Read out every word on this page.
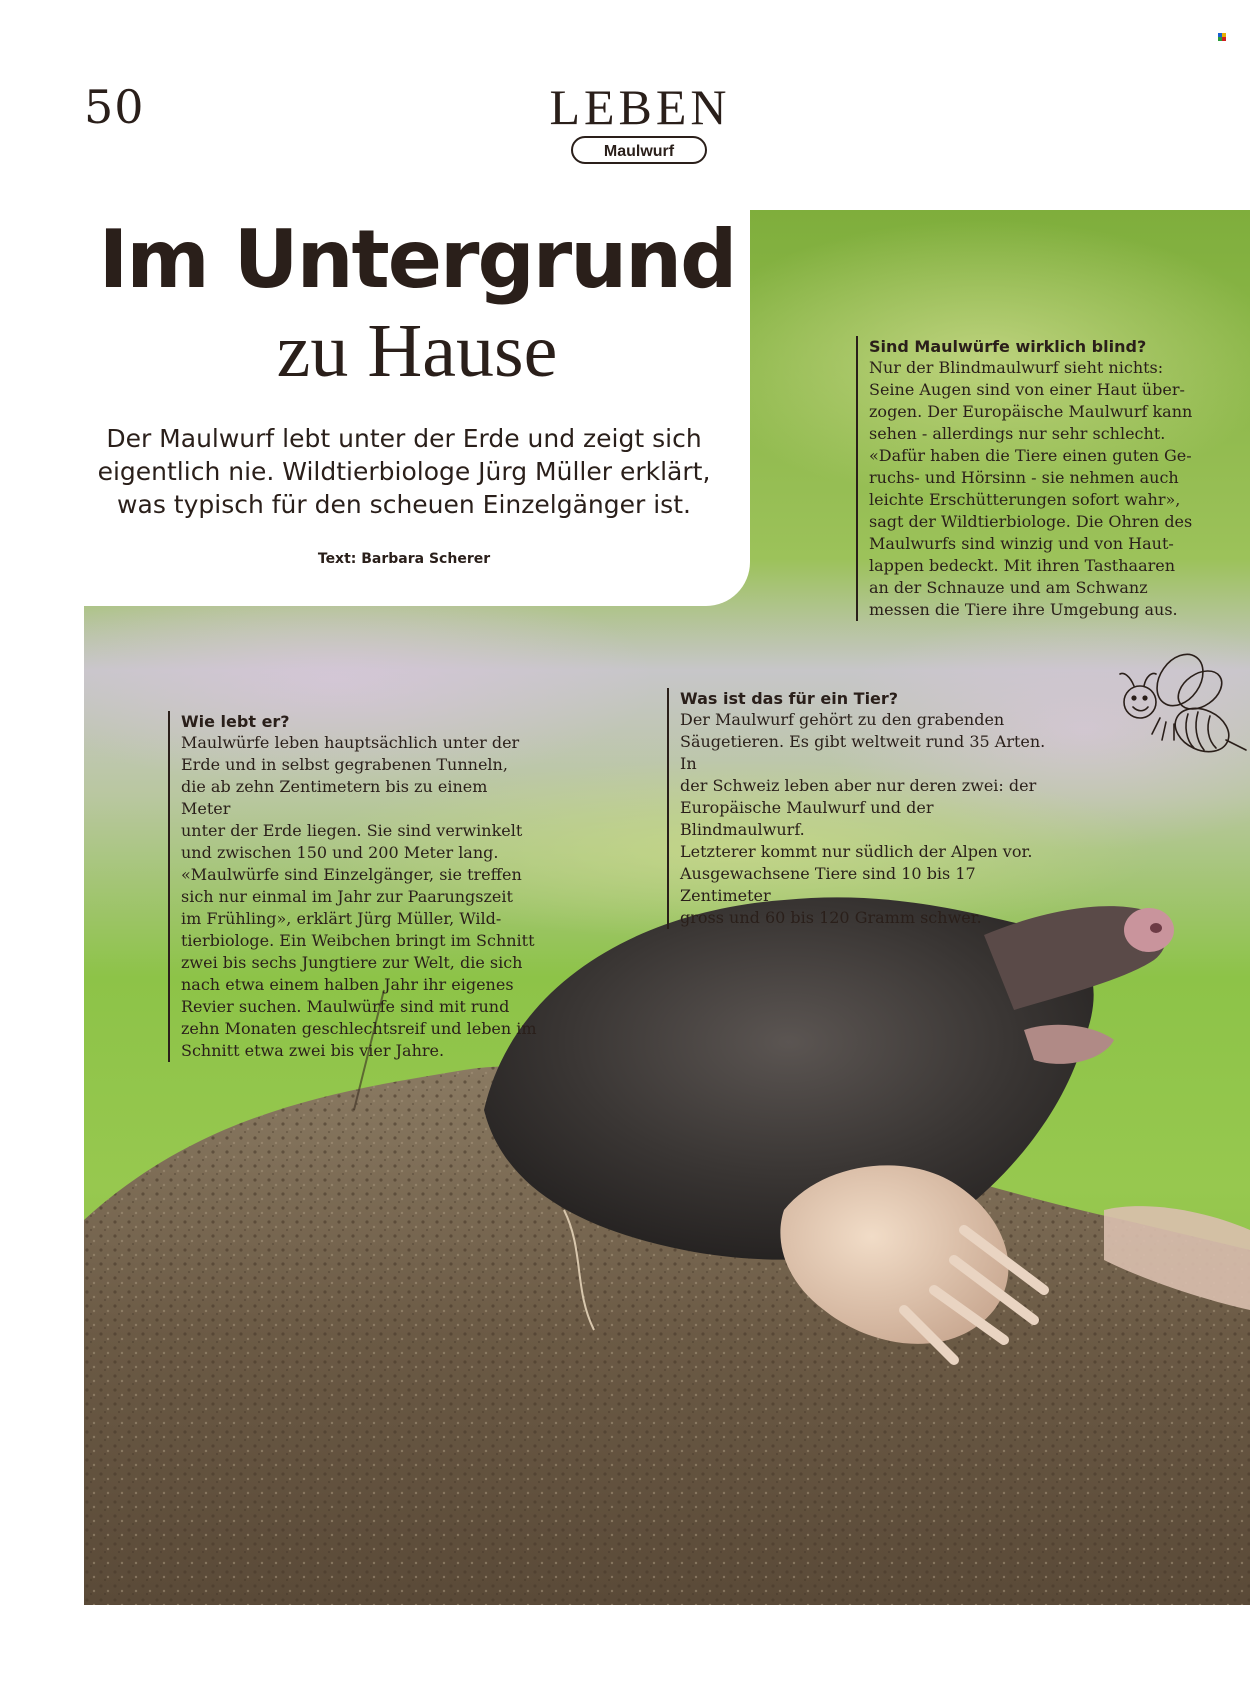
50	LEBEN
Maulwurf
Im Untergrund
zu Hause
Der Maulwurf lebt unter der Erde und zeigt sich eigentlich nie. Wildtierbiologe Jürg Müller erklärt, was typisch für den scheuen Einzelgänger ist.
Text: Barbara Scherer
Sind Maulwürfe wirklich blind?

Nur der Blindmaulwurf sieht nichts:
Seine Augen sind von einer Haut über-
zogen. Der Europäische Maulwurf kann
sehen - allerdings nur sehr schlecht.
«Dafür haben die Tiere einen guten Ge-
ruchs- und Hörsinn - sie nehmen auch
leichte Erschütterungen sofort wahr»,
sagt der Wildtierbiologe. Die Ohren des
Maulwurfs sind winzig und von Haut-
lappen bedeckt. Mit ihren Tasthaaren
an der Schnauze und am Schwanz
messen die Tiere ihre Umgebung aus.

Wie lebt er?

Maulwürfe leben hauptsächlich unter der
Erde und in selbst gegrabenen Tunneln,
die ab zehn Zentimetern bis zu einem Meter
unter der Erde liegen. Sie sind verwinkelt
und zwischen 150 und 200 Meter lang.
«Maulwürfe sind Einzelgänger, sie treffen
sich nur einmal im Jahr zur Paarungszeit
im Frühling», erklärt Jürg Müller, Wild-
tierbiologe. Ein Weibchen bringt im Schnitt
zwei bis sechs Jungtiere zur Welt, die sich
nach etwa einem halben Jahr ihr eigenes
Revier suchen. Maulwürfe sind mit rund
zehn Monaten geschlechtsreif und leben im
Schnitt etwa zwei bis vier Jahre.

Was ist das für ein Tier?

Der Maulwurf gehört zu den grabenden
Säugetieren. Es gibt weltweit rund 35 Arten. In
der Schweiz leben aber nur deren zwei: der
Europäische Maulwurf und der Blindmaulwurf.
Letzterer kommt nur südlich der Alpen vor.
Ausgewachsene Tiere sind 10 bis 17 Zentimeter
gross und 60 bis 120 Gramm schwer.
